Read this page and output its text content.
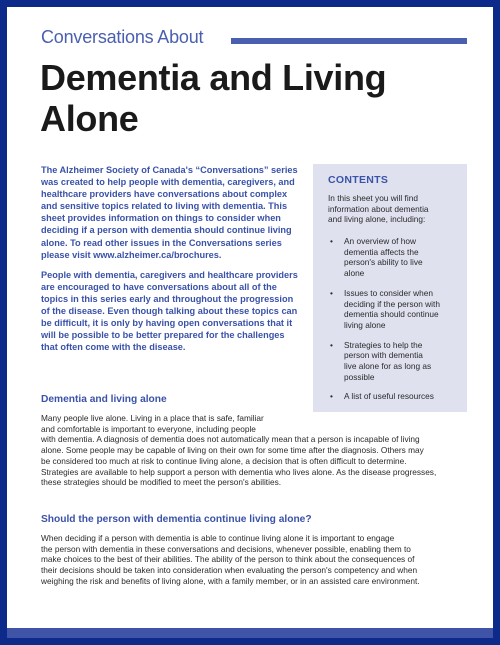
Conversations About
Dementia and Living
Alone

The Alzheimer Society of Canada's “Conversations” series
was created to help people with dementia, caregivers, and
healthcare providers have conversations about complex
and sensitive topics related to living with dementia. This
sheet provides information on things to consider when
deciding if a person with dementia should continue living
alone. To read other issues in the Conversations series
please visit www.alzheimer.ca/brochures.

People with dementia, caregivers and healthcare providers
are encouraged to have conversations about all of the
topics in this series early and throughout the progression
of the disease. Even though talking about these topics can
be difficult, it is only by having open conversations that it
will be possible to be better prepared for the challenges
that often come with the disease.

CONTENTS
In this sheet you will find
information about dementia
and living alone, including:
• An overview of how
dementia affects the
person's ability to live
alone
• Issues to consider when
deciding if the person with
dementia should continue
living alone
• Strategies to help the
person with dementia
live alone for as long as
possible
• A list of useful resources
Dementia and living alone
Many people live alone. Living in a place that is safe, familiar
and comfortable is important to everyone, including people
with dementia. A diagnosis of dementia does not automatically mean that a person is incapable of living
alone. Some people may be capable of living on their own for some time after the diagnosis. Others may
be considered too much at risk to continue living alone, a decision that is often difficult to determine.
Strategies are available to help support a person with dementia who lives alone. As the disease progresses,
these strategies should be modified to meet the person's abilities.
Should the person with dementia continue living alone?
When deciding if a person with dementia is able to continue living alone it is important to engage
the person with dementia in these conversations and decisions, whenever possible, enabling them to
make choices to the best of their abilities. The ability of the person to think about the consequences of
their decisions should be taken into consideration when evaluating the person's competency and when
weighing the risk and benefits of living alone, with a family member, or in an assisted care environment.
